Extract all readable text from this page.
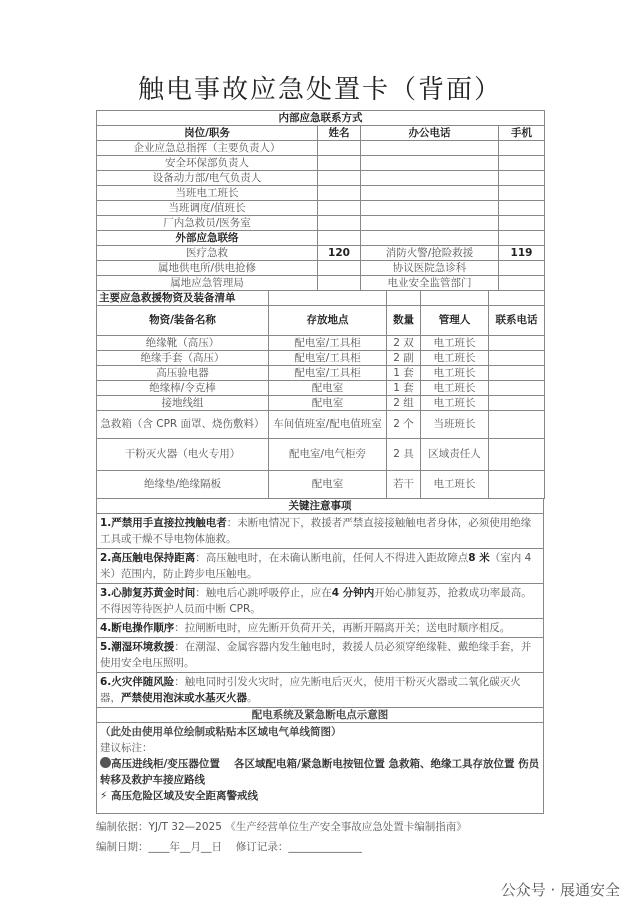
触电事故应急处置卡（背面）
内部应急联系方式			
岗位/职务	姓名	办公电话	手机
企业应急总指挥（主要负责人）			
安全环保部负责人			
设备动力部/电气负责人			
当班电工班长			
当班调度/值班长			
厂内急救员/医务室			
外部应急联络			
医疗急救	120	消防火警/抢险救援	119
属地供电所/供电抢修		协议医院急诊科	
属地应急管理局		电业安全监管部门	
主要应急救援物资及装备清单				
物资/装备名称	存放地点	数量	管理人	联系电话
绝缘靴（高压）	配电室/工具柜	2 双	电工班长	
绝缘手套（高压）	配电室/工具柜	2 副	电工班长	
高压验电器	配电室/工具柜	1 套	电工班长	
绝缘棒/令克棒	配电室	1 套	电工班长	
接地线组	配电室	2 组	电工班长	
急救箱（含 CPR 面罩、烧伤敷料）	车间值班室/配电值班室	2 个	当班班长	
干粉灭火器（电火专用）	配电室/电气柜旁	2 具	区域责任人	
绝缘垫/绝缘隔板	配电室	若干	电工班长	
关键注意事项
1.严禁用手直接拉拽触电者：未断电情况下，救援者严禁直接接触触电者身体，必须使用绝缘工具或干燥不导电物体施救。
2.高压触电保持距离：高压触电时，在未确认断电前，任何人不得进入距故障点8 米（室内 4 米）范围内，防止跨步电压触电。
3.心肺复苏黄金时间：触电后心跳呼吸停止，应在4 分钟内开始心肺复苏，抢救成功率最高。不得因等待医护人员而中断 CPR。
4.断电操作顺序：拉闸断电时，应先断开负荷开关，再断开隔离开关；送电时顺序相反。
5.潮湿环境救援：在潮湿、金属容器内发生触电时，救援人员必须穿绝缘鞋、戴绝缘手套，并使用安全电压照明。
6.火灾伴随风险：触电同时引发火灾时，应先断电后灭火，使用干粉灭火器或二氧化碳灭火器，严禁使用泡沫或水基灭火器。
配电系统及紧急断电点示意图

（此处由使用单位绘制或粘贴本区域电气单线简图）
建议标注：
高压进线柜/变压器位置　 各区域配电箱/紧急断电按钮位置 急救箱、绝缘工具存放位置 伤员转移及救护车接应路线
⚡ 高压危险区域及安全距离警戒线
编制依据：YJ/T 32—2025 《生产经营单位生产安全事故应急处置卡编制指南》
编制日期：____年__月__日　 修订记录：______________
公众号 · 展通安全
